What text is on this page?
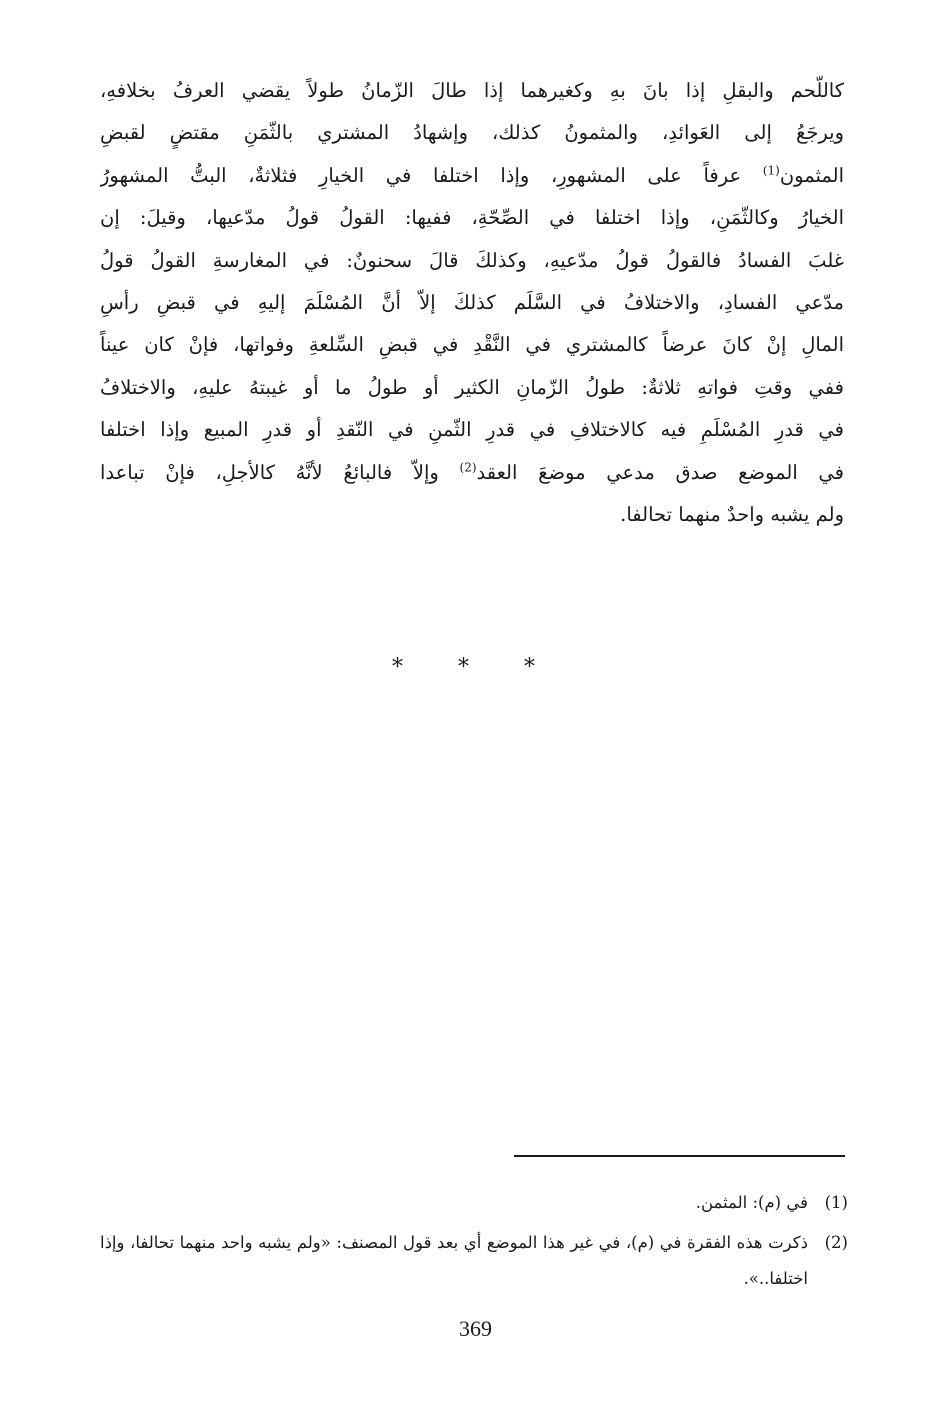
كاللّحم والبقلِ إذا بانَ بهِ وكغيرهما إذا طالَ الزّمانُ طولاً يقضي العرفُ بخلافهِ،
ويرجَعُ إلى العَوائدِ، والمثمونُ كذلك، وإشهادُ المشتري بالثّمَنِ مقتضٍ لقبضِ
المثمون$^{(1)}$ عرفاً على المشهورِ، وإذا اختلفا في الخيارِ فثلاثةٌ، البتُّ المشهورُ
الخيارُ وكالثّمَنِ، وإذا اختلفا في الصِّحّةِ، ففيها: القولُ قولُ مدّعيها، وقيلَ: إن
غلبَ الفسادُ فالقولُ قولُ مدّعيهِ، وكذلكَ قالَ سحنونٌ: في المغارسةِ القولُ قولُ
مدّعي الفسادِ، والاختلافُ في السَّلَم كذلكَ إلاّ أنَّ المُسْلَمَ إليهِ في قبضِ رأسِ
المالِ إنْ كانَ عرضاً كالمشتري في النَّقْدِ في قبضِ السِّلعةِ وفواتها، فإنْ كان عيناً
ففي وقتِ فواتهِ ثلاثةٌ: طولُ الزّمانِ الكثير أو طولُ ما أو غيبتهُ عليهِ، والاختلافُ
في قدرِ المُسْلَمِ فيه كالاختلافِ في قدرِ الثّمنِ في النّقدِ أو قدرِ المبيع وإذا اختلفا
في الموضع صدق مدعي موضعَ العقد$^{(2)}$ وإلاّ فالبائعُ لأنَّهُ كالأجلِ، فإنْ تباعدا
ولم يشبه واحدٌ منهما تحالفا.
* * *
(1)
في (م): المثمن.
(2)
ذكرت هذه الفقرة في (م)، في غير هذا الموضع أي بعد قول المصنف: «ولم يشبه واحد منهما تحالفا، وإذا اختلفا..».
369
